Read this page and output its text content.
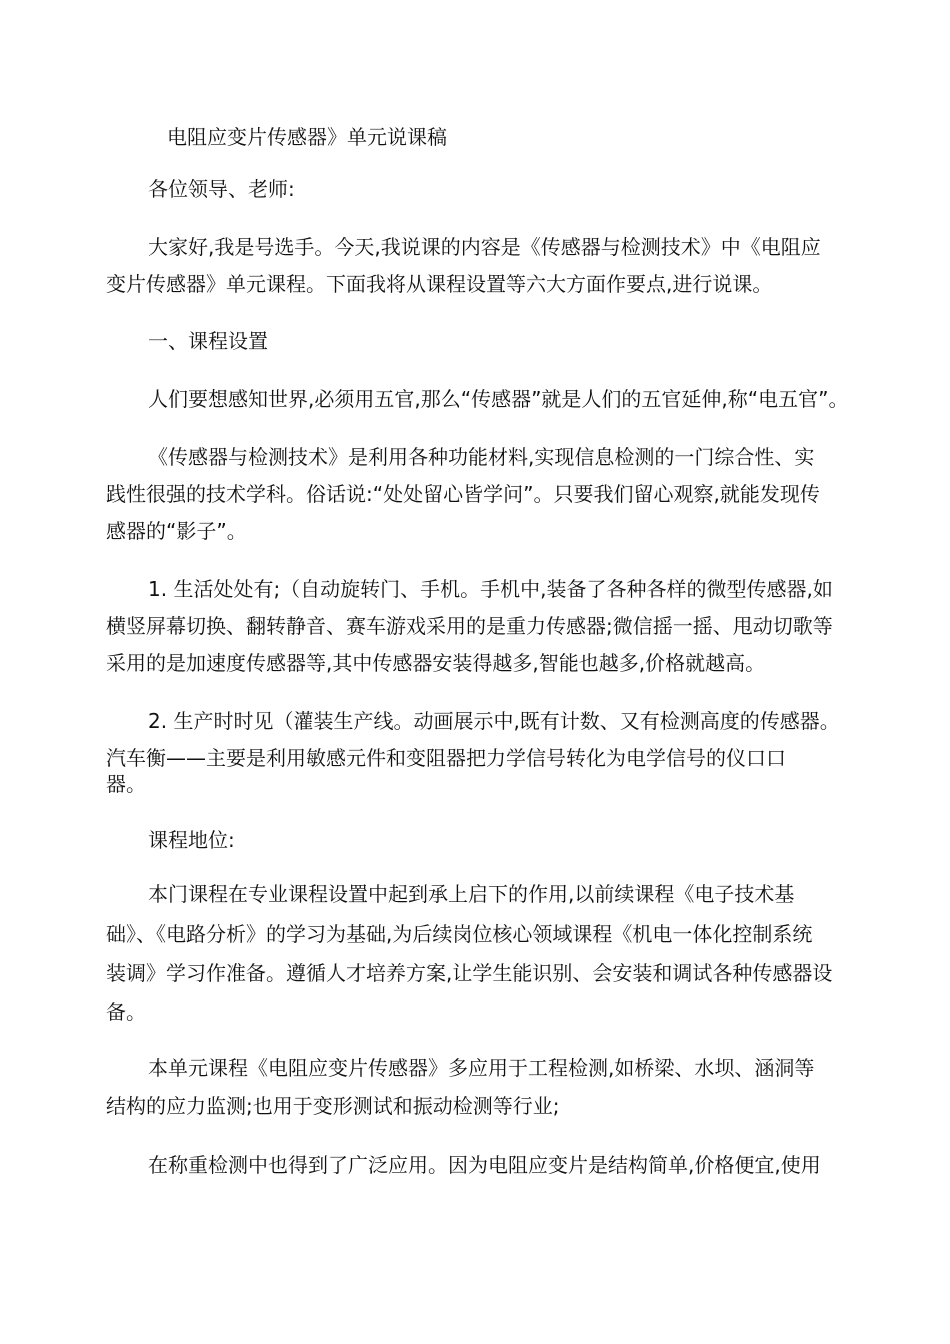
电阻应变片传感器》单元说课稿
各位领导、老师:
大家好,我是号选手。今天,我说课的内容是《传感器与检测技术》中《电阻应
变片传感器》单元课程。下面我将从课程设置等六大方面作要点,进行说课。
一、课程设置
人们要想感知世界,必须用五官,那么“传感器”就是人们的五官延伸,称“电五官”。
《传感器与检测技术》是利用各种功能材料,实现信息检测的一门综合性、实
践性很强的技术学科。俗话说:“处处留心皆学问”。只要我们留心观察,就能发现传
感器的“影子”。
1. 生活处处有;（自动旋转门、手机。手机中,装备了各种各样的微型传感器,如
横竖屏幕切换、翻转静音、赛车游戏采用的是重力传感器;微信摇一摇、甩动切歌等
采用的是加速度传感器等,其中传感器安装得越多,智能也越多,价格就越高。
2. 生产时时见（灌装生产线。动画展示中,既有计数、又有检测高度的传感器。
汽车衡——主要是利用敏感元件和变阻器把力学信号转化为电学信号的仪口口
器。
课程地位:
本门课程在专业课程设置中起到承上启下的作用,以前续课程《电子技术基
础》、《电路分析》的学习为基础,为后续岗位核心领域课程《机电一体化控制系统
装调》学习作准备。遵循人才培养方案,让学生能识别、会安装和调试各种传感器设
备。
本单元课程《电阻应变片传感器》多应用于工程检测,如桥梁、水坝、涵洞等
结构的应力监测;也用于变形测试和振动检测等行业;
在称重检测中也得到了广泛应用。因为电阻应变片是结构简单,价格便宜,使用
